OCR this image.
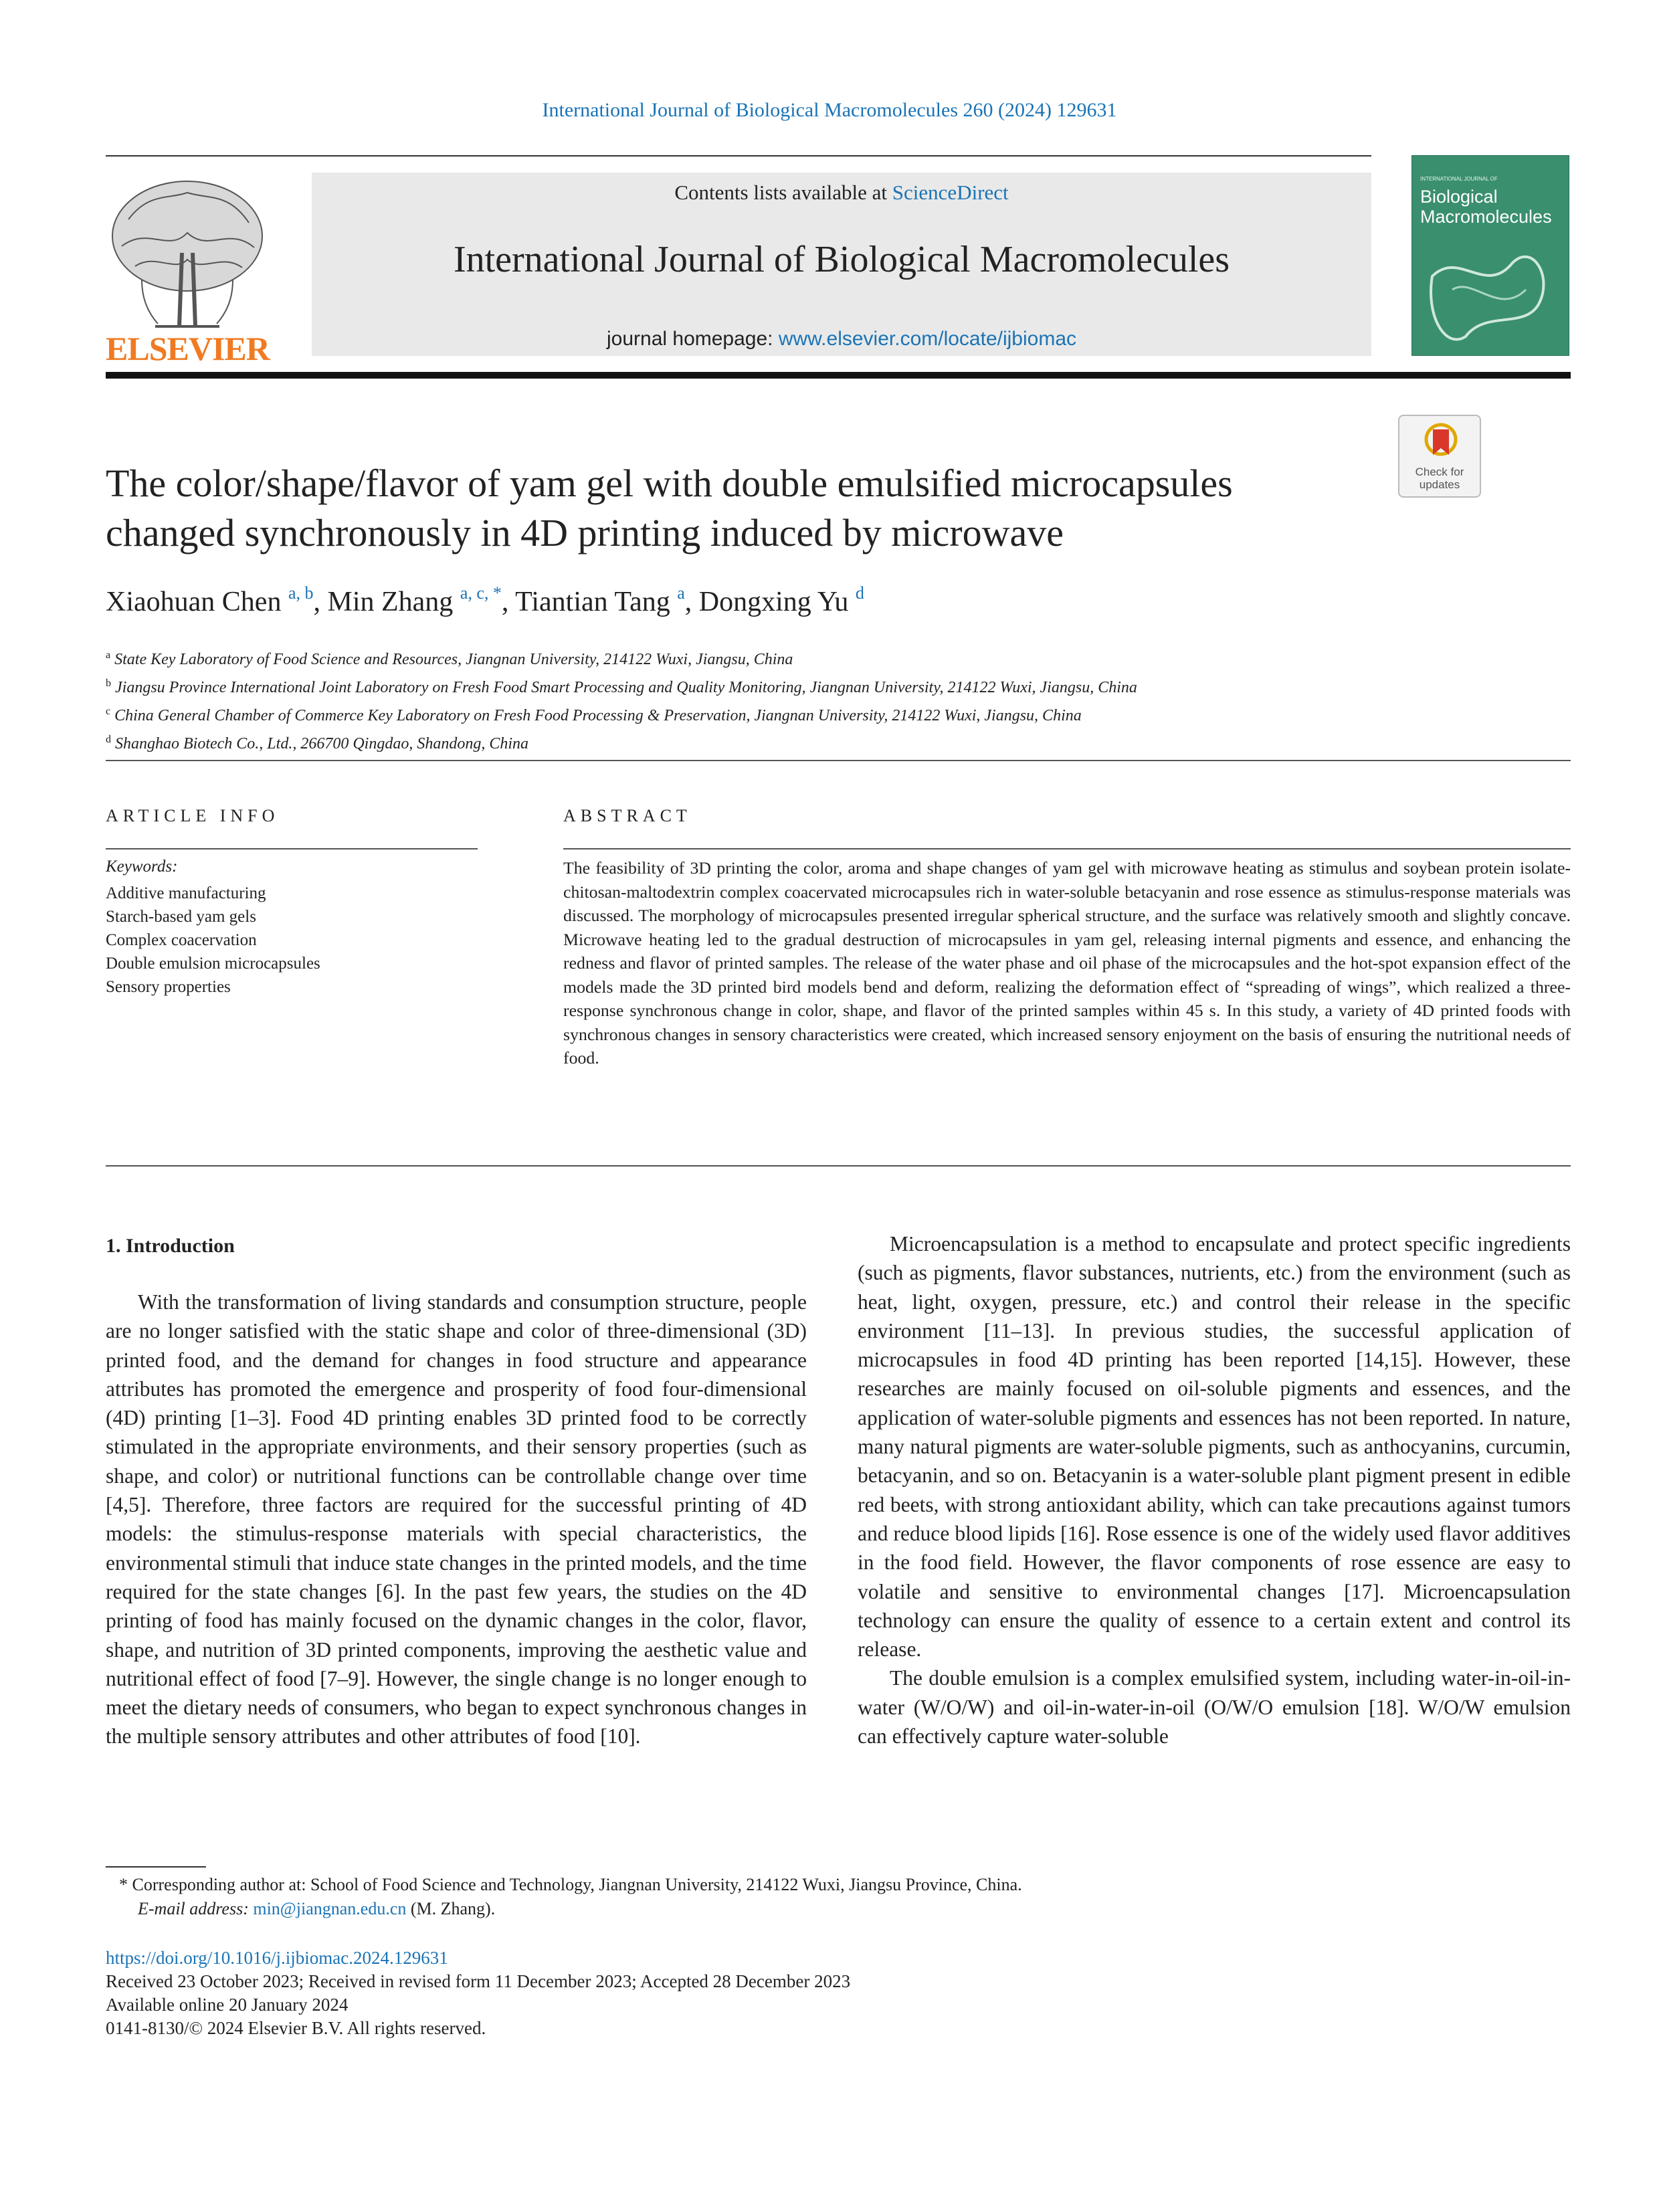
International Journal of Biological Macromolecules 260 (2024) 129631
ELSEVIER
Contents lists available at ScienceDirect
International Journal of Biological Macromolecules
journal homepage: www.elsevier.com/locate/ijbiomac
INTERNATIONAL JOURNAL OF
Biological
Macromolecules
Check for
updates
The color/shape/flavor of yam gel with double emulsified microcapsules
changed synchronously in 4D printing induced by microwave
Xiaohuan Chen $^{a, b}$, Min Zhang $^{a, c, *}$, Tiantian Tang $^a$, Dongxing Yu $^d$
$^a$ State Key Laboratory of Food Science and Resources, Jiangnan University, 214122 Wuxi, Jiangsu, China
$^b$ Jiangsu Province International Joint Laboratory on Fresh Food Smart Processing and Quality Monitoring, Jiangnan University, 214122 Wuxi, Jiangsu, China
$^c$ China General Chamber of Commerce Key Laboratory on Fresh Food Processing & Preservation, Jiangnan University, 214122 Wuxi, Jiangsu, China
$^d$ Shanghao Biotech Co., Ltd., 266700 Qingdao, Shandong, China
ARTICLE INFO
Keywords:
Additive manufacturing
Starch-based yam gels
Complex coacervation
Double emulsion microcapsules
Sensory properties
ABSTRACT

The feasibility of 3D printing the color, aroma and shape changes of yam gel with microwave heating as stimulus and soybean protein isolate-chitosan-maltodextrin complex coacervated microcapsules rich in water-soluble betacyanin and rose essence as stimulus-response materials was discussed. The morphology of microcapsules presented irregular spherical structure, and the surface was relatively smooth and slightly concave. Microwave heating led to the gradual destruction of microcapsules in yam gel, releasing internal pigments and essence, and enhancing the redness and flavor of printed samples. The release of the water phase and oil phase of the microcapsules and the hot-spot expansion effect of the models made the 3D printed bird models bend and deform, realizing the deformation effect of “spreading of wings”, which realized a three-response synchronous change in color, shape, and flavor of the printed samples within 45 s. In this study, a variety of 4D printed foods with synchronous changes in sensory characteristics were created, which increased sensory enjoyment on the basis of ensuring the nutritional needs of food.

1. Introduction

With the transformation of living standards and consumption structure, people are no longer satisfied with the static shape and color of three-dimensional (3D) printed food, and the demand for changes in food structure and appearance attributes has promoted the emergence and prosperity of food four-dimensional (4D) printing [1–3]. Food 4D printing enables 3D printed food to be correctly stimulated in the appropriate environments, and their sensory properties (such as shape, and color) or nutritional functions can be controllable change over time [4,5]. Therefore, three factors are required for the successful printing of 4D models: the stimulus-response materials with special characteristics, the environmental stimuli that induce state changes in the printed models, and the time required for the state changes [6]. In the past few years, the studies on the 4D printing of food has mainly focused on the dynamic changes in the color, flavor, shape, and nutrition of 3D printed components, improving the aesthetic value and nutritional effect of food [7–9]. However, the single change is no longer enough to meet the dietary needs of consumers, who began to expect synchronous changes in the multiple sensory attributes and other attributes of food [10].

Microencapsulation is a method to encapsulate and protect specific ingredients (such as pigments, flavor substances, nutrients, etc.) from the environment (such as heat, light, oxygen, pressure, etc.) and control their release in the specific environment [11–13]. In previous studies, the successful application of microcapsules in food 4D printing has been reported [14,15]. However, these researches are mainly focused on oil-soluble pigments and essences, and the application of water-soluble pigments and essences has not been reported. In nature, many natural pigments are water-soluble pigments, such as anthocyanins, curcumin, betacyanin, and so on. Betacyanin is a water-soluble plant pigment present in edible red beets, with strong antioxidant ability, which can take precautions against tumors and reduce blood lipids [16]. Rose essence is one of the widely used flavor additives in the food field. However, the flavor components of rose essence are easy to volatile and sensitive to environmental changes [17]. Microencapsulation technology can ensure the quality of essence to a certain extent and control its release.

The double emulsion is a complex emulsified system, including water-in-oil-in-water (W/O/W) and oil-in-water-in-oil (O/W/O emulsion [18]. W/O/W emulsion can effectively capture water-soluble

* Corresponding author at: School of Food Science and Technology, Jiangnan University, 214122 Wuxi, Jiangsu Province, China.
E-mail address: min@jiangnan.edu.cn (M. Zhang).
https://doi.org/10.1016/j.ijbiomac.2024.129631
Received 23 October 2023; Received in revised form 11 December 2023; Accepted 28 December 2023
Available online 20 January 2024
0141-8130/© 2024 Elsevier B.V. All rights reserved.
